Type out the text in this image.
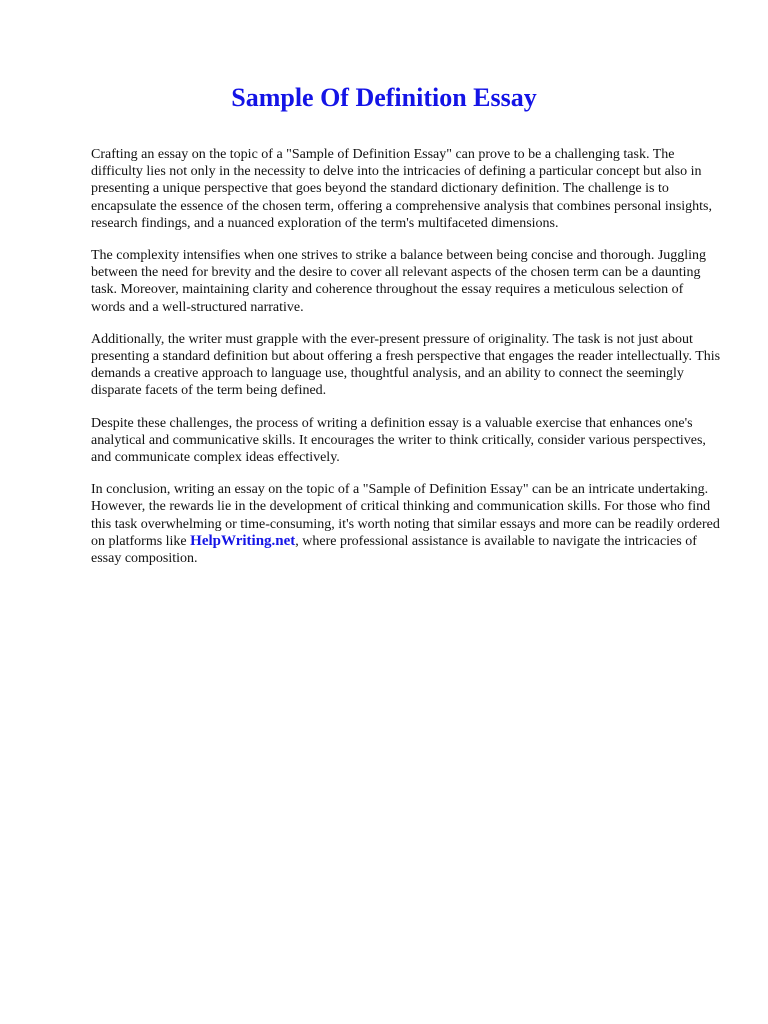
Sample Of Definition Essay

Crafting an essay on the topic of a "Sample of Definition Essay" can prove to be a challenging task. The difficulty lies not only in the necessity to delve into the intricacies of defining a particular concept but also in presenting a unique perspective that goes beyond the standard dictionary definition. The challenge is to encapsulate the essence of the chosen term, offering a comprehensive analysis that combines personal insights, research findings, and a nuanced exploration of the term's multifaceted dimensions.

The complexity intensifies when one strives to strike a balance between being concise and thorough. Juggling between the need for brevity and the desire to cover all relevant aspects of the chosen term can be a daunting task. Moreover, maintaining clarity and coherence throughout the essay requires a meticulous selection of words and a well-structured narrative.

Additionally, the writer must grapple with the ever-present pressure of originality. The task is not just about presenting a standard definition but about offering a fresh perspective that engages the reader intellectually. This demands a creative approach to language use, thoughtful analysis, and an ability to connect the seemingly disparate facets of the term being defined.

Despite these challenges, the process of writing a definition essay is a valuable exercise that enhances one's analytical and communicative skills. It encourages the writer to think critically, consider various perspectives, and communicate complex ideas effectively.

In conclusion, writing an essay on the topic of a "Sample of Definition Essay" can be an intricate undertaking. However, the rewards lie in the development of critical thinking and communication skills. For those who find this task overwhelming or time-consuming, it's worth noting that similar essays and more can be readily ordered on platforms like HelpWriting.net, where professional assistance is available to navigate the intricacies of essay composition.
